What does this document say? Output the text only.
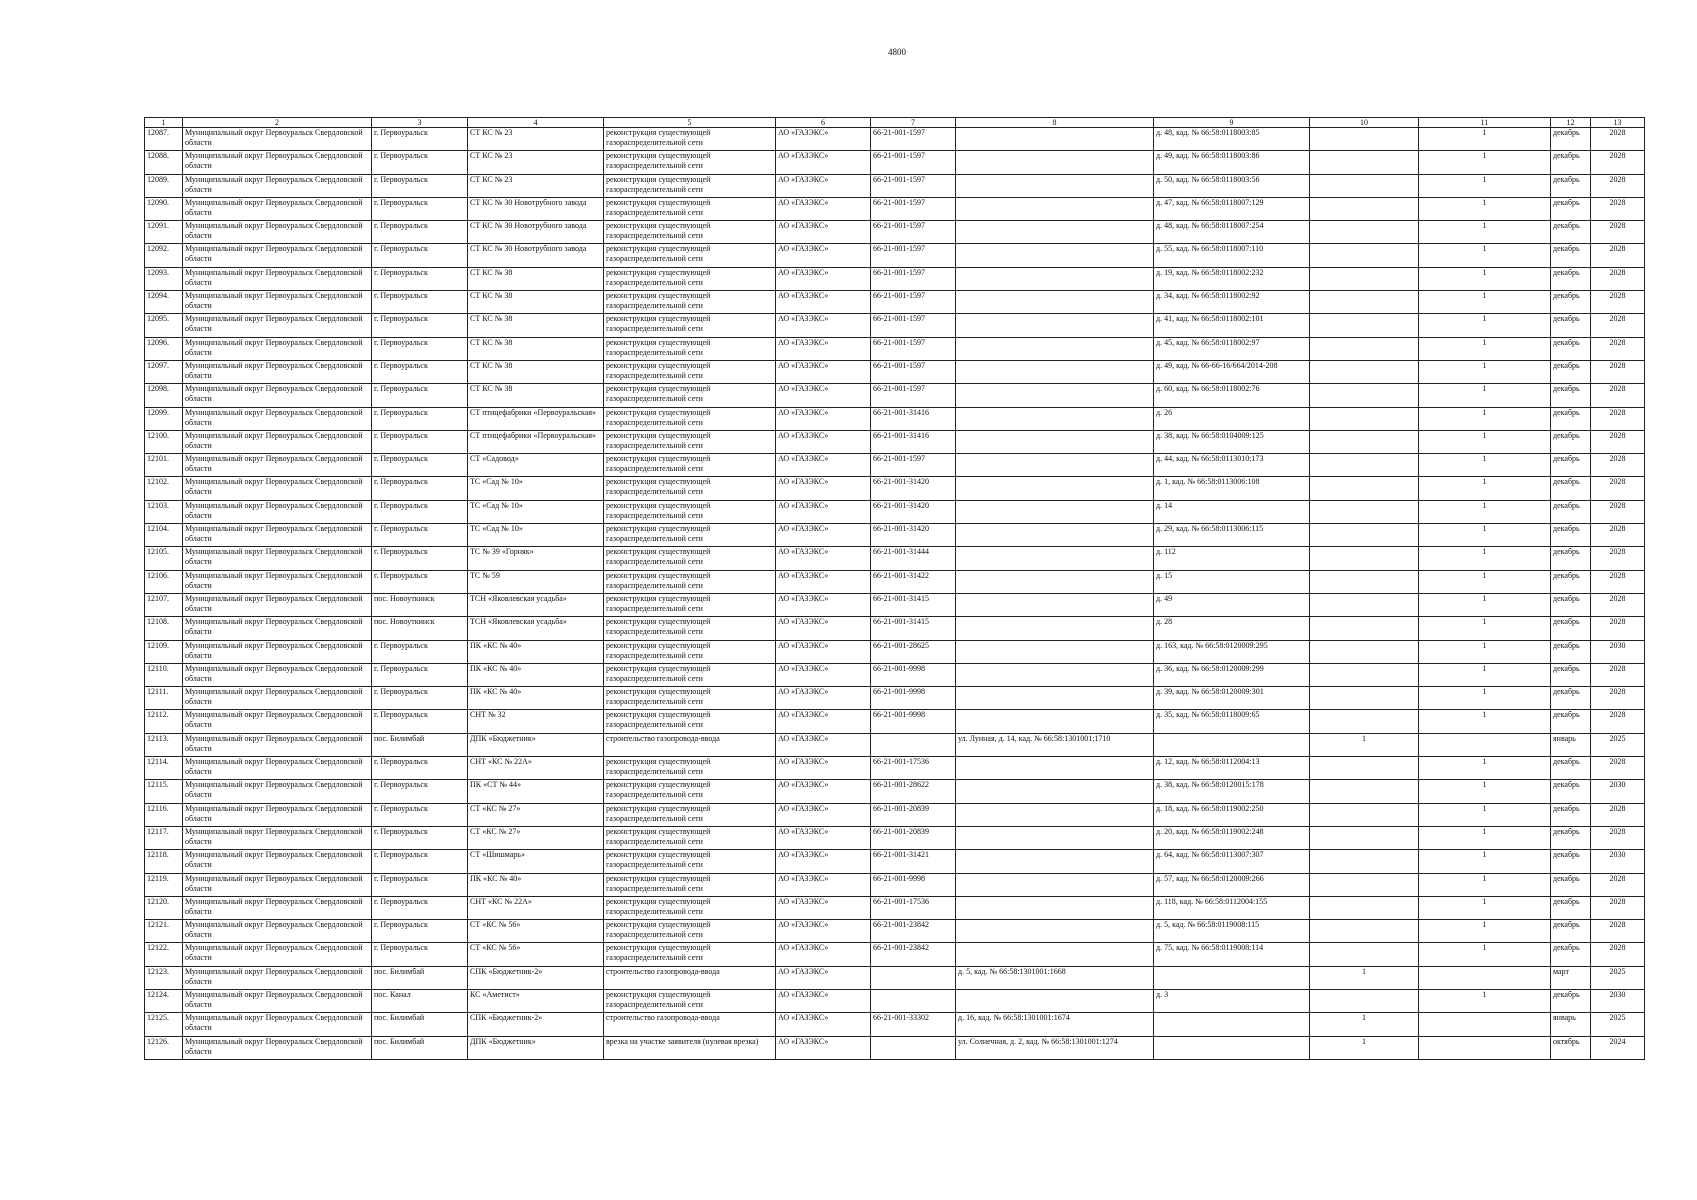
4800
1	2	3	4	5	6	7	8	9	10	11	12	13
12087.	Муниципальный округ Первоуральск Свердловской области	г. Первоуральск	СТ КС № 23	реконструкция существующей газораспределительной сети	АО «ГАЗЭКС»	66-21-001-1597		д. 48, кад. № 66:58:0118003:85		1	декабрь	2028
12088.	Муниципальный округ Первоуральск Свердловской области	г. Первоуральск	СТ КС № 23	реконструкция существующей газораспределительной сети	АО «ГАЗЭКС»	66-21-001-1597		д. 49, кад. № 66:58:0118003:86		1	декабрь	2028
12089.	Муниципальный округ Первоуральск Свердловской области	г. Первоуральск	СТ КС № 23	реконструкция существующей газораспределительной сети	АО «ГАЗЭКС»	66-21-001-1597		д. 50, кад. № 66:58:0118003:56		1	декабрь	2028
12090.	Муниципальный округ Первоуральск Свердловской области	г. Первоуральск	СТ КС № 30 Новотрубного завода	реконструкция существующей газораспределительной сети	АО «ГАЗЭКС»	66-21-001-1597		д. 47, кад. № 66:58:0118007:129		1	декабрь	2028
12091.	Муниципальный округ Первоуральск Свердловской области	г. Первоуральск	СТ КС № 30 Новотрубного завода	реконструкция существующей газораспределительной сети	АО «ГАЗЭКС»	66-21-001-1597		д. 48, кад. № 66:58:0118007:254		1	декабрь	2028
12092.	Муниципальный округ Первоуральск Свердловской области	г. Первоуральск	СТ КС № 30 Новотрубного завода	реконструкция существующей газораспределительной сети	АО «ГАЗЭКС»	66-21-001-1597		д. 55, кад. № 66:58:0118007:110		1	декабрь	2028
12093.	Муниципальный округ Первоуральск Свердловской области	г. Первоуральск	СТ КС № 38	реконструкция существующей газораспределительной сети	АО «ГАЗЭКС»	66-21-001-1597		д. 19, кад. № 66:58:0118002:232		1	декабрь	2028
12094.	Муниципальный округ Первоуральск Свердловской области	г. Первоуральск	СТ КС № 38	реконструкция существующей газораспределительной сети	АО «ГАЗЭКС»	66-21-001-1597		д. 34, кад. № 66:58:0118002:92		1	декабрь	2028
12095.	Муниципальный округ Первоуральск Свердловской области	г. Первоуральск	СТ КС № 38	реконструкция существующей газораспределительной сети	АО «ГАЗЭКС»	66-21-001-1597		д. 41, кад. № 66:58:0118002:101		1	декабрь	2028
12096.	Муниципальный округ Первоуральск Свердловской области	г. Первоуральск	СТ КС № 38	реконструкция существующей газораспределительной сети	АО «ГАЗЭКС»	66-21-001-1597		д. 45, кад. № 66:58:0118002:97		1	декабрь	2028
12097.	Муниципальный округ Первоуральск Свердловской области	г. Первоуральск	СТ КС № 38	реконструкция существующей газораспределительной сети	АО «ГАЗЭКС»	66-21-001-1597		д. 49, кад. № 66-66-16/664/2014-208		1	декабрь	2028
12098.	Муниципальный округ Первоуральск Свердловской области	г. Первоуральск	СТ КС № 38	реконструкция существующей газораспределительной сети	АО «ГАЗЭКС»	66-21-001-1597		д. 60, кад. № 66:58:0118002:76		1	декабрь	2028
12099.	Муниципальный округ Первоуральск Свердловской области	г. Первоуральск	СТ птицефабрики «Первоуральская»	реконструкция существующей газораспределительной сети	АО «ГАЗЭКС»	66-21-001-31416		д. 26		1	декабрь	2028
12100.	Муниципальный округ Первоуральск Свердловской области	г. Первоуральск	СТ птицефабрики «Первоуральская»	реконструкция существующей газораспределительной сети	АО «ГАЗЭКС»	66-21-001-31416		д. 38, кад. № 66:58:0104009:125		1	декабрь	2028
12101.	Муниципальный округ Первоуральск Свердловской области	г. Первоуральск	СТ «Садовод»	реконструкция существующей газораспределительной сети	АО «ГАЗЭКС»	66-21-001-1597		д. 44, кад. № 66:58:0113010:173		1	декабрь	2028
12102.	Муниципальный округ Первоуральск Свердловской области	г. Первоуральск	ТС «Сад № 10»	реконструкция существующей газораспределительной сети	АО «ГАЗЭКС»	66-21-001-31420		д. 1, кад. № 66:58:0113006:108		1	декабрь	2028
12103.	Муниципальный округ Первоуральск Свердловской области	г. Первоуральск	ТС «Сад № 10»	реконструкция существующей газораспределительной сети	АО «ГАЗЭКС»	66-21-001-31420		д. 14		1	декабрь	2028
12104.	Муниципальный округ Первоуральск Свердловской области	г. Первоуральск	ТС «Сад № 10»	реконструкция существующей газораспределительной сети	АО «ГАЗЭКС»	66-21-001-31420		д. 29, кад. № 66:58:0113006:115		1	декабрь	2028
12105.	Муниципальный округ Первоуральск Свердловской области	г. Первоуральск	ТС № 39 «Горняк»	реконструкция существующей газораспределительной сети	АО «ГАЗЭКС»	66-21-001-31444		д. 112		1	декабрь	2028
12106.	Муниципальный округ Первоуральск Свердловской области	г. Первоуральск	ТС № 59	реконструкция существующей газораспределительной сети	АО «ГАЗЭКС»	66-21-001-31422		д. 15		1	декабрь	2028
12107.	Муниципальный округ Первоуральск Свердловской области	пос. Новоуткинск	ТСН «Яковлевская усадьба»	реконструкция существующей газораспределительной сети	АО «ГАЗЭКС»	66-21-001-31415		д. 49		1	декабрь	2028
12108.	Муниципальный округ Первоуральск Свердловской области	пос. Новоуткинск	ТСН «Яковлевская усадьба»	реконструкция существующей газораспределительной сети	АО «ГАЗЭКС»	66-21-001-31415		д. 28		1	декабрь	2028
12109.	Муниципальный округ Первоуральск Свердловской области	г. Первоуральск	ПК «КС № 40»	реконструкция существующей газораспределительной сети	АО «ГАЗЭКС»	66-21-001-28625		д. 163, кад. № 66:58:0120009:295		1	декабрь	2030
12110.	Муниципальный округ Первоуральск Свердловской области	г. Первоуральск	ПК «КС № 40»	реконструкция существующей газораспределительной сети	АО «ГАЗЭКС»	66-21-001-9998		д. 36, кад. № 66:58:0120009:299		1	декабрь	2028
12111.	Муниципальный округ Первоуральск Свердловской области	г. Первоуральск	ПК «КС № 40»	реконструкция существующей газораспределительной сети	АО «ГАЗЭКС»	66-21-001-9998		д. 39, кад. № 66:58:0120009:301		1	декабрь	2028
12112.	Муниципальный округ Первоуральск Свердловской области	г. Первоуральск	СНТ № 32	реконструкция существующей газораспределительной сети	АО «ГАЗЭКС»	66-21-001-9998		д. 35, кад. № 66:58:0118009:65		1	декабрь	2028
12113.	Муниципальный округ Первоуральск Свердловской области	пос. Билимбай	ДПК «Бюджетник»	строительство газопровода-ввода	АО «ГАЗЭКС»		ул. Лунная, д. 14, кад. № 66:58:1301001:1710		1		январь	2025
12114.	Муниципальный округ Первоуральск Свердловской области	г. Первоуральск	СНТ «КС № 22А»	реконструкция существующей газораспределительной сети	АО «ГАЗЭКС»	66-21-001-17536		д. 12, кад. № 66:58:0112004:13		1	декабрь	2028
12115.	Муниципальный округ Первоуральск Свердловской области	г. Первоуральск	ПК «СТ № 44»	реконструкция существующей газораспределительной сети	АО «ГАЗЭКС»	66-21-001-28622		д. 38, кад. № 66:58:0120015:178		1	декабрь	2030
12116.	Муниципальный округ Первоуральск Свердловской области	г. Первоуральск	СТ «КС № 27»	реконструкция существующей газораспределительной сети	АО «ГАЗЭКС»	66-21-001-20839		д. 18, кад. № 66:58:0119002:250		1	декабрь	2028
12117.	Муниципальный округ Первоуральск Свердловской области	г. Первоуральск	СТ «КС № 27»	реконструкция существующей газораспределительной сети	АО «ГАЗЭКС»	66-21-001-20839		д. 20, кад. № 66:58:0119002:248		1	декабрь	2028
12118.	Муниципальный округ Первоуральск Свердловской области	г. Первоуральск	СТ «Шишмарь»	реконструкция существующей газораспределительной сети	АО «ГАЗЭКС»	66-21-001-31421		д. 64, кад. № 66:58:0113007:307		1	декабрь	2030
12119.	Муниципальный округ Первоуральск Свердловской области	г. Первоуральск	ПК «КС № 40»	реконструкция существующей газораспределительной сети	АО «ГАЗЭКС»	66-21-001-9998		д. 57, кад. № 66:58:0120009:266		1	декабрь	2028
12120.	Муниципальный округ Первоуральск Свердловской области	г. Первоуральск	СНТ «КС № 22А»	реконструкция существующей газораспределительной сети	АО «ГАЗЭКС»	66-21-001-17536		д. 118, кад. № 66:58:0112004:155		1	декабрь	2028
12121.	Муниципальный округ Первоуральск Свердловской области	г. Первоуральск	СТ «КС № 56»	реконструкция существующей газораспределительной сети	АО «ГАЗЭКС»	66-21-001-23842		д. 5, кад. № 66:58:0119008:115		1	декабрь	2028
12122.	Муниципальный округ Первоуральск Свердловской области	г. Первоуральск	СТ «КС № 56»	реконструкция существующей газораспределительной сети	АО «ГАЗЭКС»	66-21-001-23842		д. 75, кад. № 66:58:0119008:114		1	декабрь	2028
12123.	Муниципальный округ Первоуральск Свердловской области	пос. Билимбай	СПК «Бюджетник-2»	строительство газопровода-ввода	АО «ГАЗЭКС»		д. 5, кад. № 66:58:1301001:1668		1		март	2025
12124.	Муниципальный округ Первоуральск Свердловской области	пос. Канал	КС «Аметист»	реконструкция существующей газораспределительной сети	АО «ГАЗЭКС»			д. 3		1	декабрь	2030
12125.	Муниципальный округ Первоуральск Свердловской области	пос. Билимбай	СПК «Бюджетник-2»	строительство газопровода-ввода	АО «ГАЗЭКС»	66-21-001-33302	д. 16, кад. № 66:58:1301001:1674		1		январь	2025
12126.	Муниципальный округ Первоуральск Свердловской области	пос. Билимбай	ДПК «Бюджетник»	врезка на участке заявителя (нулевая врезка)	АО «ГАЗЭКС»		ул. Солнечная, д. 2, кад. № 66:58:1301001:1274		1		октябрь	2024
